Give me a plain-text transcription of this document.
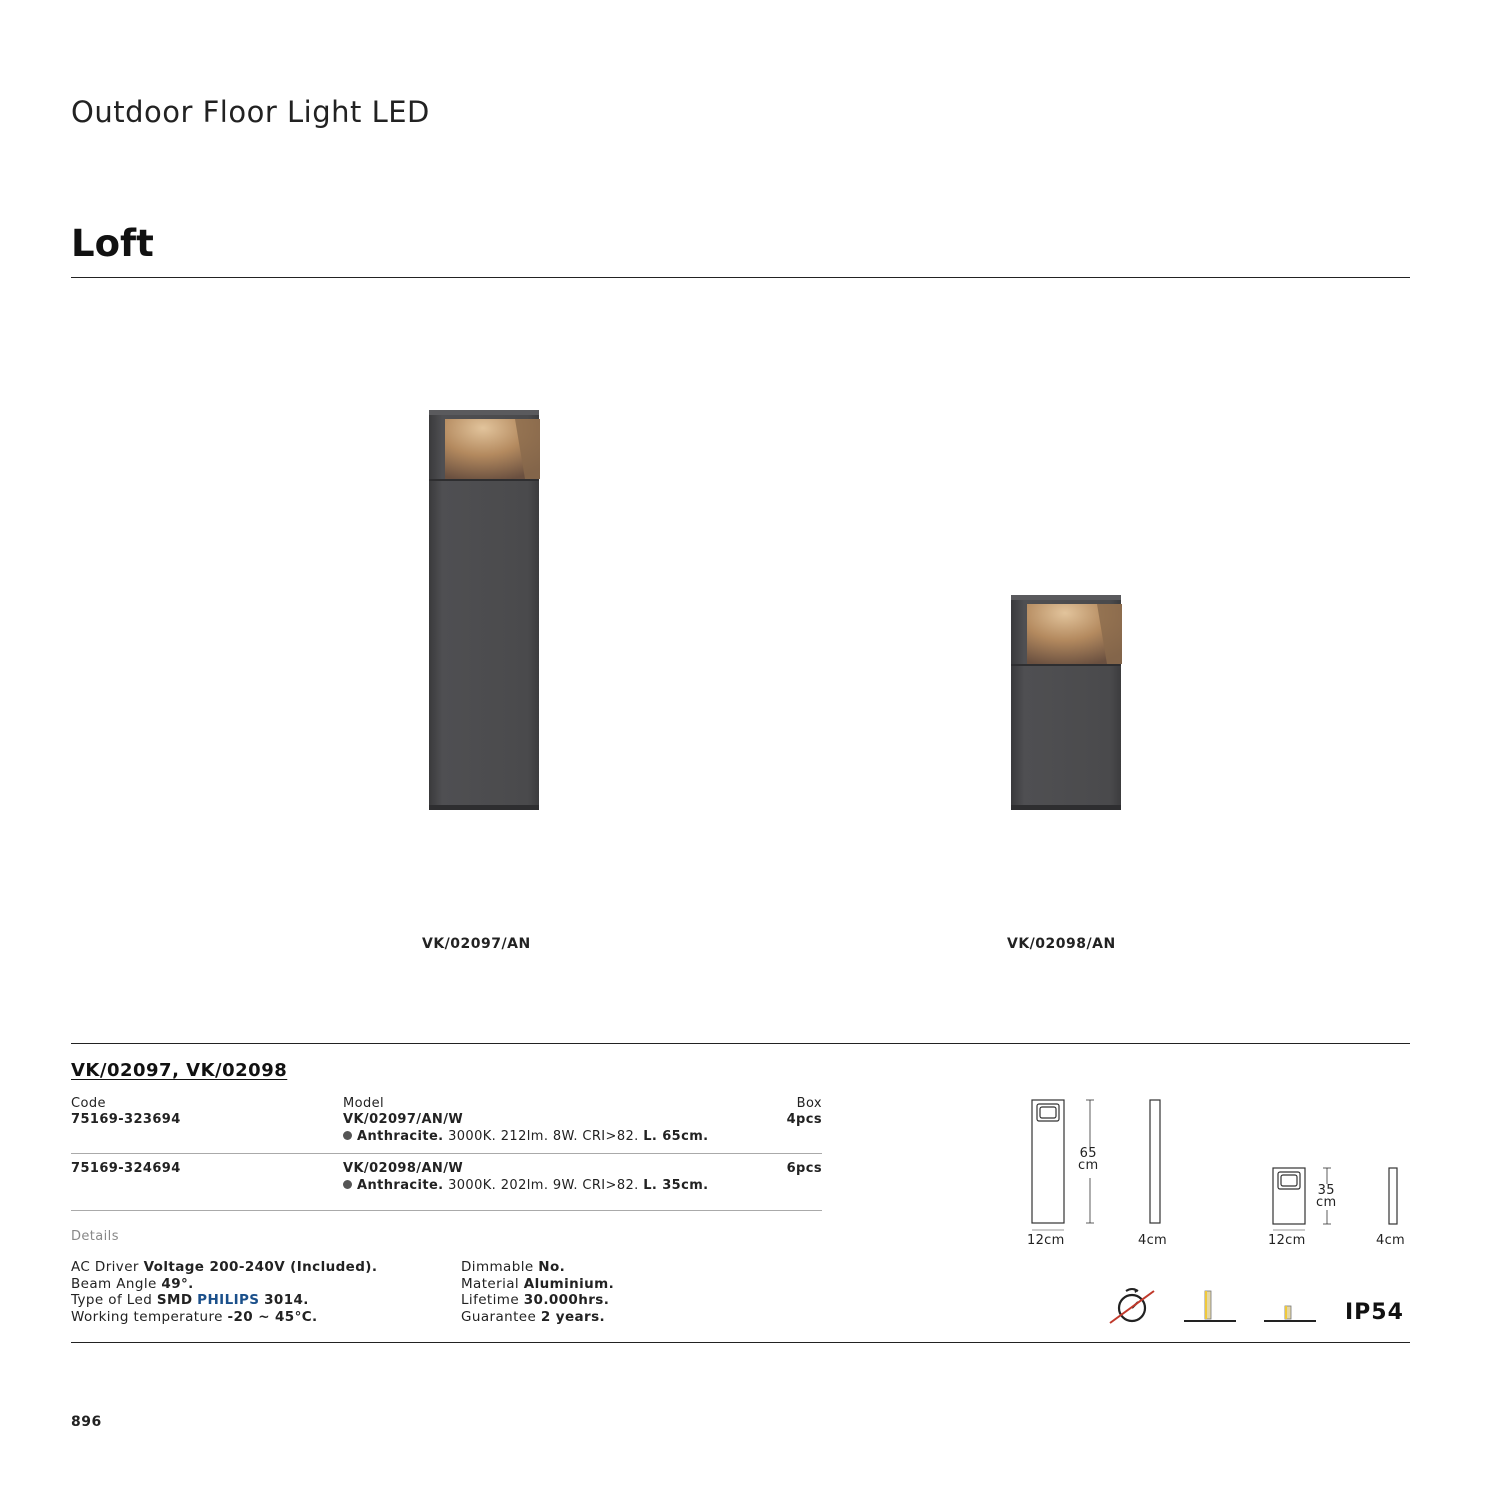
Outdoor Floor Light LED
Loft
VK/02097/AN	VK/02098/AN
VK/02097, VK/02098
Code	Model	Box
75169-323694	VK/02097/AN/W	4pcs
Anthracite. 3000K. 212lm. 8W. CRI>82. L. 65cm.
75169-324694	VK/02098/AN/W	6pcs
Anthracite. 3000K. 202lm. 9W. CRI>82. L. 35cm.
Details
AC Driver Voltage 200-240V (Included).
Beam Angle 49°.
Type of Led SMD PHILIPS 3014.
Working temperature -20 ~ 45°C.
Dimmable No.
Material Aluminium.
Lifetime 30.000hrs.
Guarantee 2 years.
65
cm
35
cm
12cm	4cm	12cm	4cm
IP54
896
